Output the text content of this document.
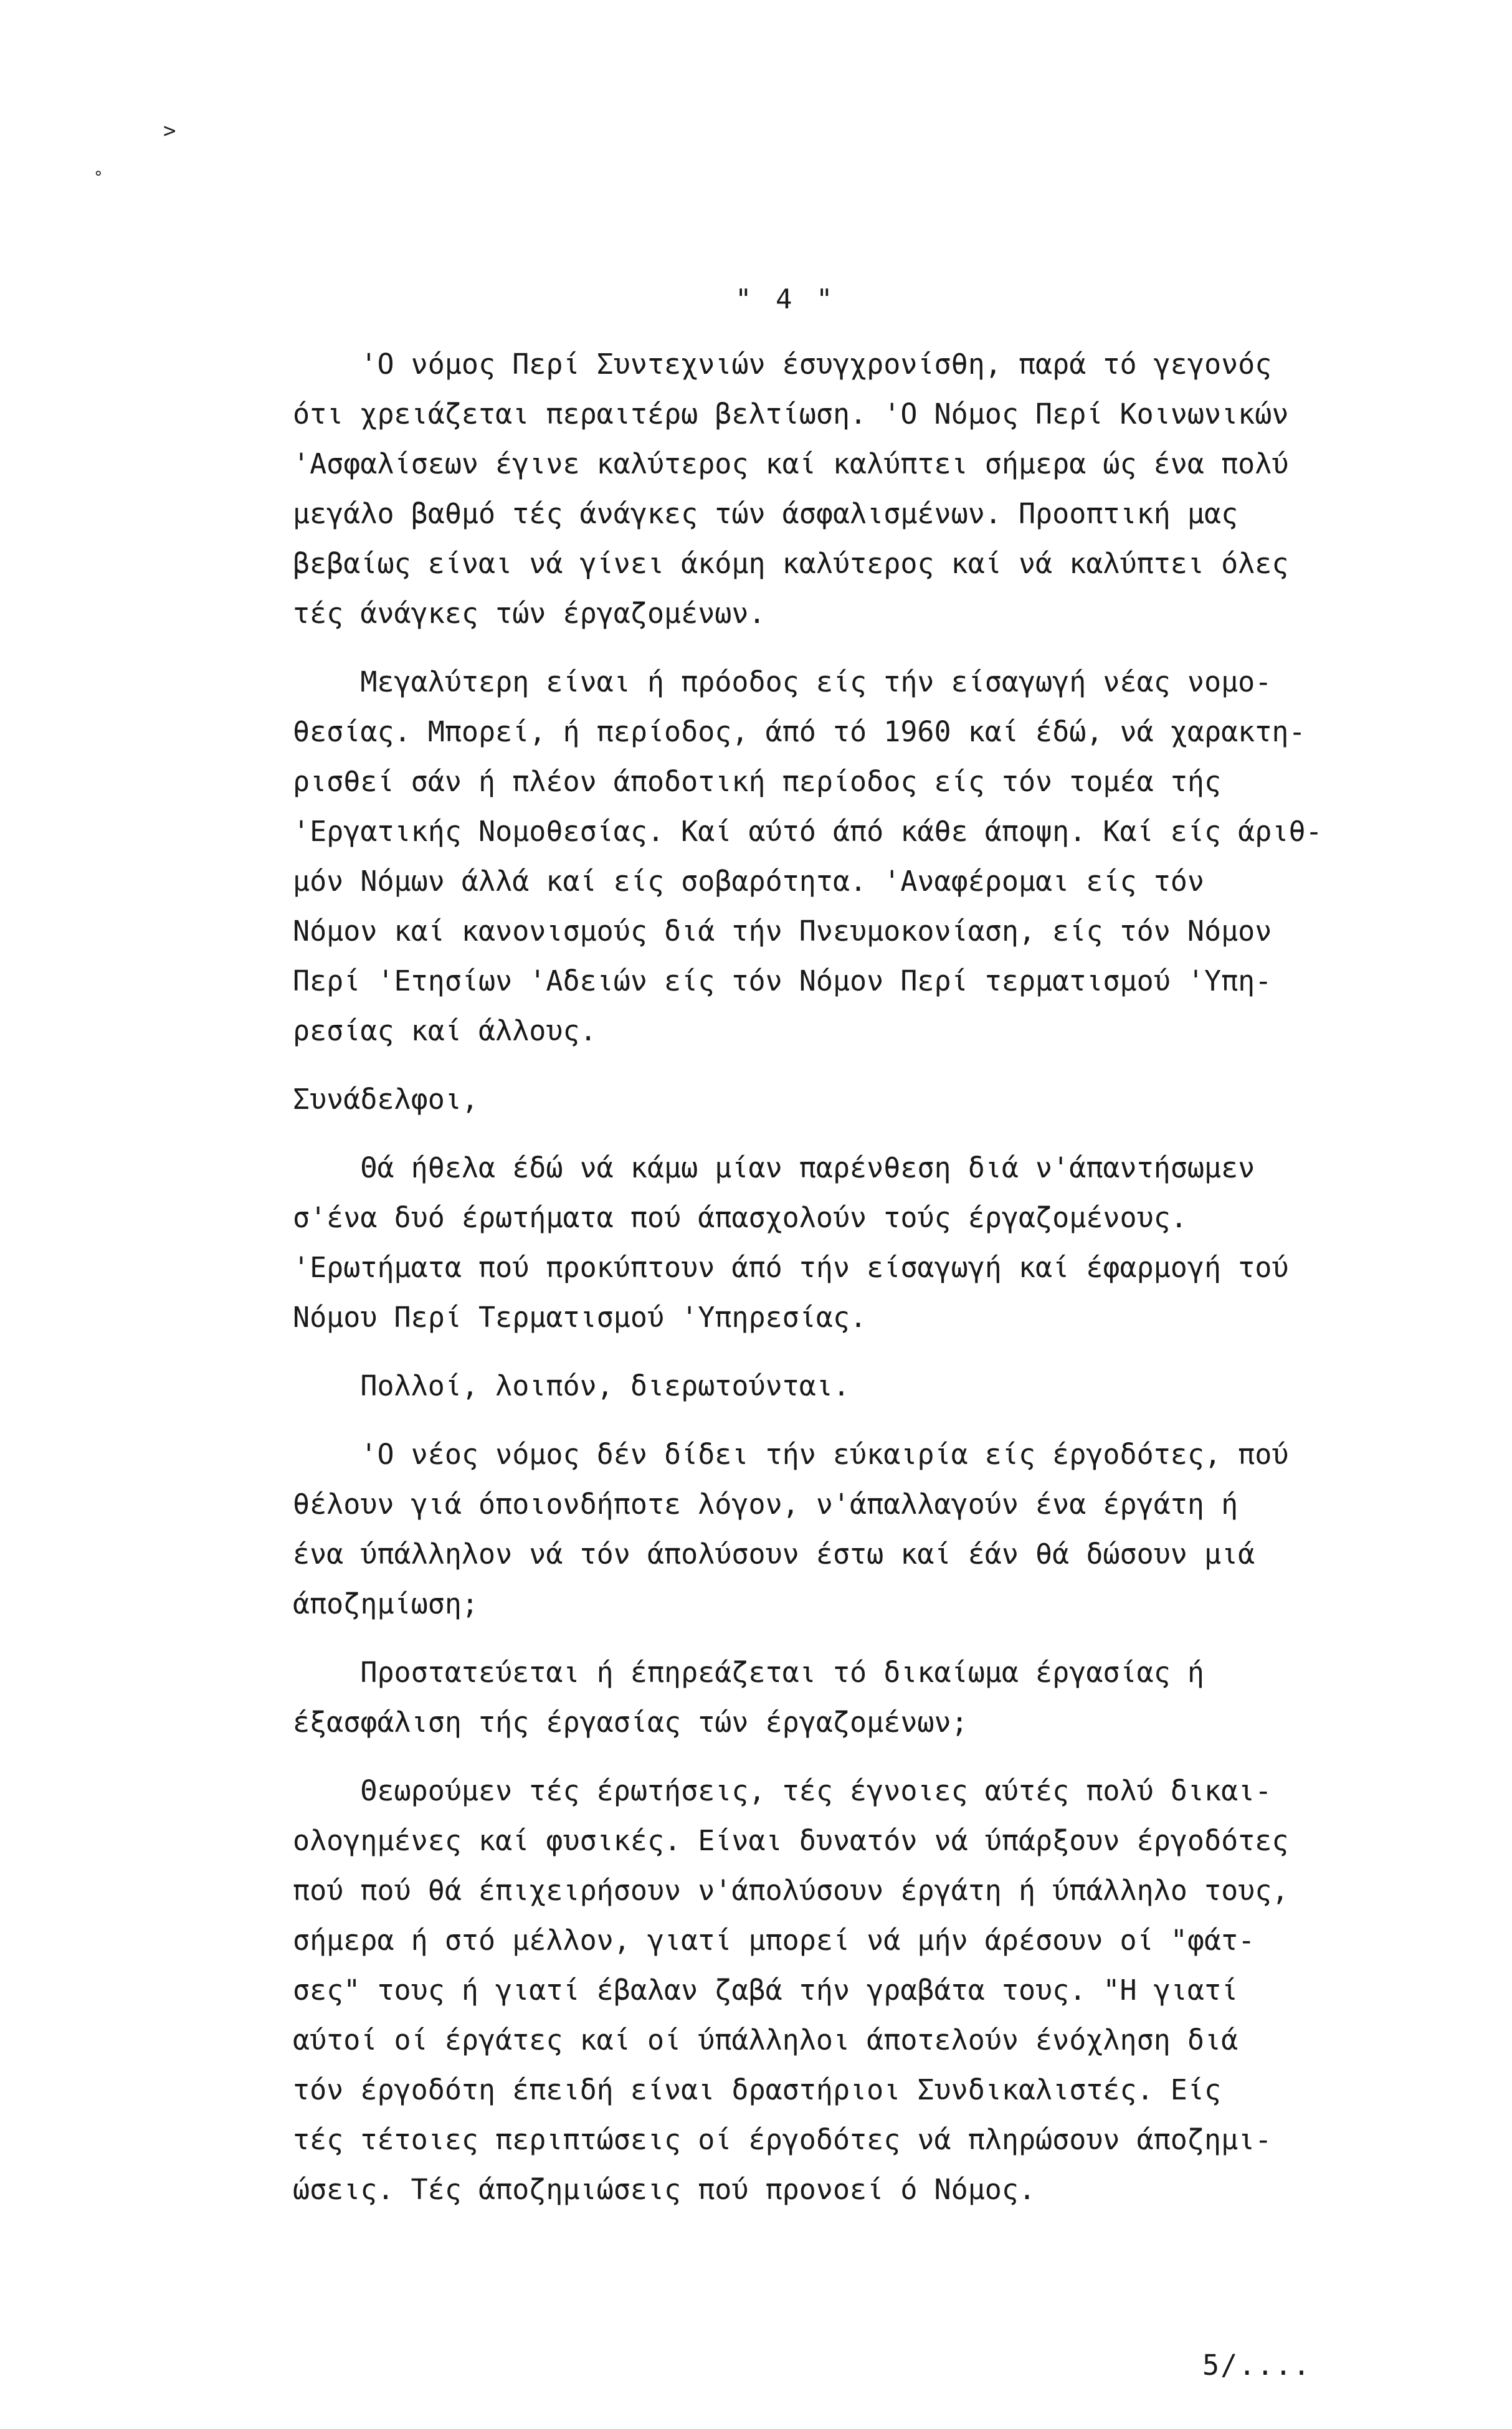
>
°
" 4 "
'Ο νόμος Περί Συντεχνιών έσυγχρονίσθη, παρά τό γεγονός
ότι χρειάζεται περαιτέρω βελτίωση. 'Ο Νόμος Περί Κοινωνικών
'Ασφαλίσεων έγινε καλύτερος καί καλύπτει σήμερα ώς ένα πολύ
μεγάλο βαθμό τές άνάγκες τών άσφαλισμένων. Προοπτική μας
βεβαίως είναι νά γίνει άκόμη καλύτερος καί νά καλύπτει όλες
τές άνάγκες τών έργαζομένων.
Μεγαλύτερη είναι ή πρόοδος είς τήν είσαγωγή νέας νομο-
θεσίας. Μπορεί, ή περίοδος, άπό τό 1960 καί έδώ, νά χαρακτη-
ρισθεί σάν ή πλέον άποδοτική περίοδος είς τόν τομέα τής
'Εργατικής Νομοθεσίας. Καί αύτό άπό κάθε άποψη. Καί είς άριθ-
μόν Νόμων άλλά καί είς σοβαρότητα. 'Αναφέρομαι είς τόν
Νόμον καί κανονισμούς διά τήν Πνευμοκονίαση, είς τόν Νόμον
Περί 'Ετησίων 'Αδειών είς τόν Νόμον Περί τερματισμού 'Υπη-
ρεσίας καί άλλους.
Συνάδελφοι,
Θά ήθελα έδώ νά κάμω μίαν παρένθεση διά ν'άπαντήσωμεν
σ'ένα δυό έρωτήματα πού άπασχολούν τούς έργαζομένους.
'Ερωτήματα πού προκύπτουν άπό τήν είσαγωγή καί έφαρμογή τού
Νόμου Περί Τερματισμού 'Υπηρεσίας.
Πολλοί, λοιπόν, διερωτούνται.
'Ο νέος νόμος δέν δίδει τήν εύκαιρία είς έργοδότες, πού
θέλουν γιά όποιονδήποτε λόγον, ν'άπαλλαγούν ένα έργάτη ή
ένα ύπάλληλον νά τόν άπολύσουν έστω καί έάν θά δώσουν μιά
άποζημίωση;
Προστατεύεται ή έπηρεάζεται τό δικαίωμα έργασίας ή
έξασφάλιση τής έργασίας τών έργαζομένων;
Θεωρούμεν τές έρωτήσεις, τές έγνοιες αύτές πολύ δικαι-
ολογημένες καί φυσικές. Είναι δυνατόν νά ύπάρξουν έργοδότες
πού πού θά έπιχειρήσουν ν'άπολύσουν έργάτη ή ύπάλληλο τους,
σήμερα ή στό μέλλον, γιατί μπορεί νά μήν άρέσουν οί "φάτ-
σες" τους ή γιατί έβαλαν ζαβά τήν γραβάτα τους. "Η γιατί
αύτοί οί έργάτες καί οί ύπάλληλοι άποτελούν ένόχληση διά
τόν έργοδότη έπειδή είναι δραστήριοι Συνδικαλιστές. Είς
τές τέτοιες περιπτώσεις οί έργοδότες νά πληρώσουν άποζημι-
ώσεις. Τές άποζημιώσεις πού προνοεί ό Νόμος.
5/....
